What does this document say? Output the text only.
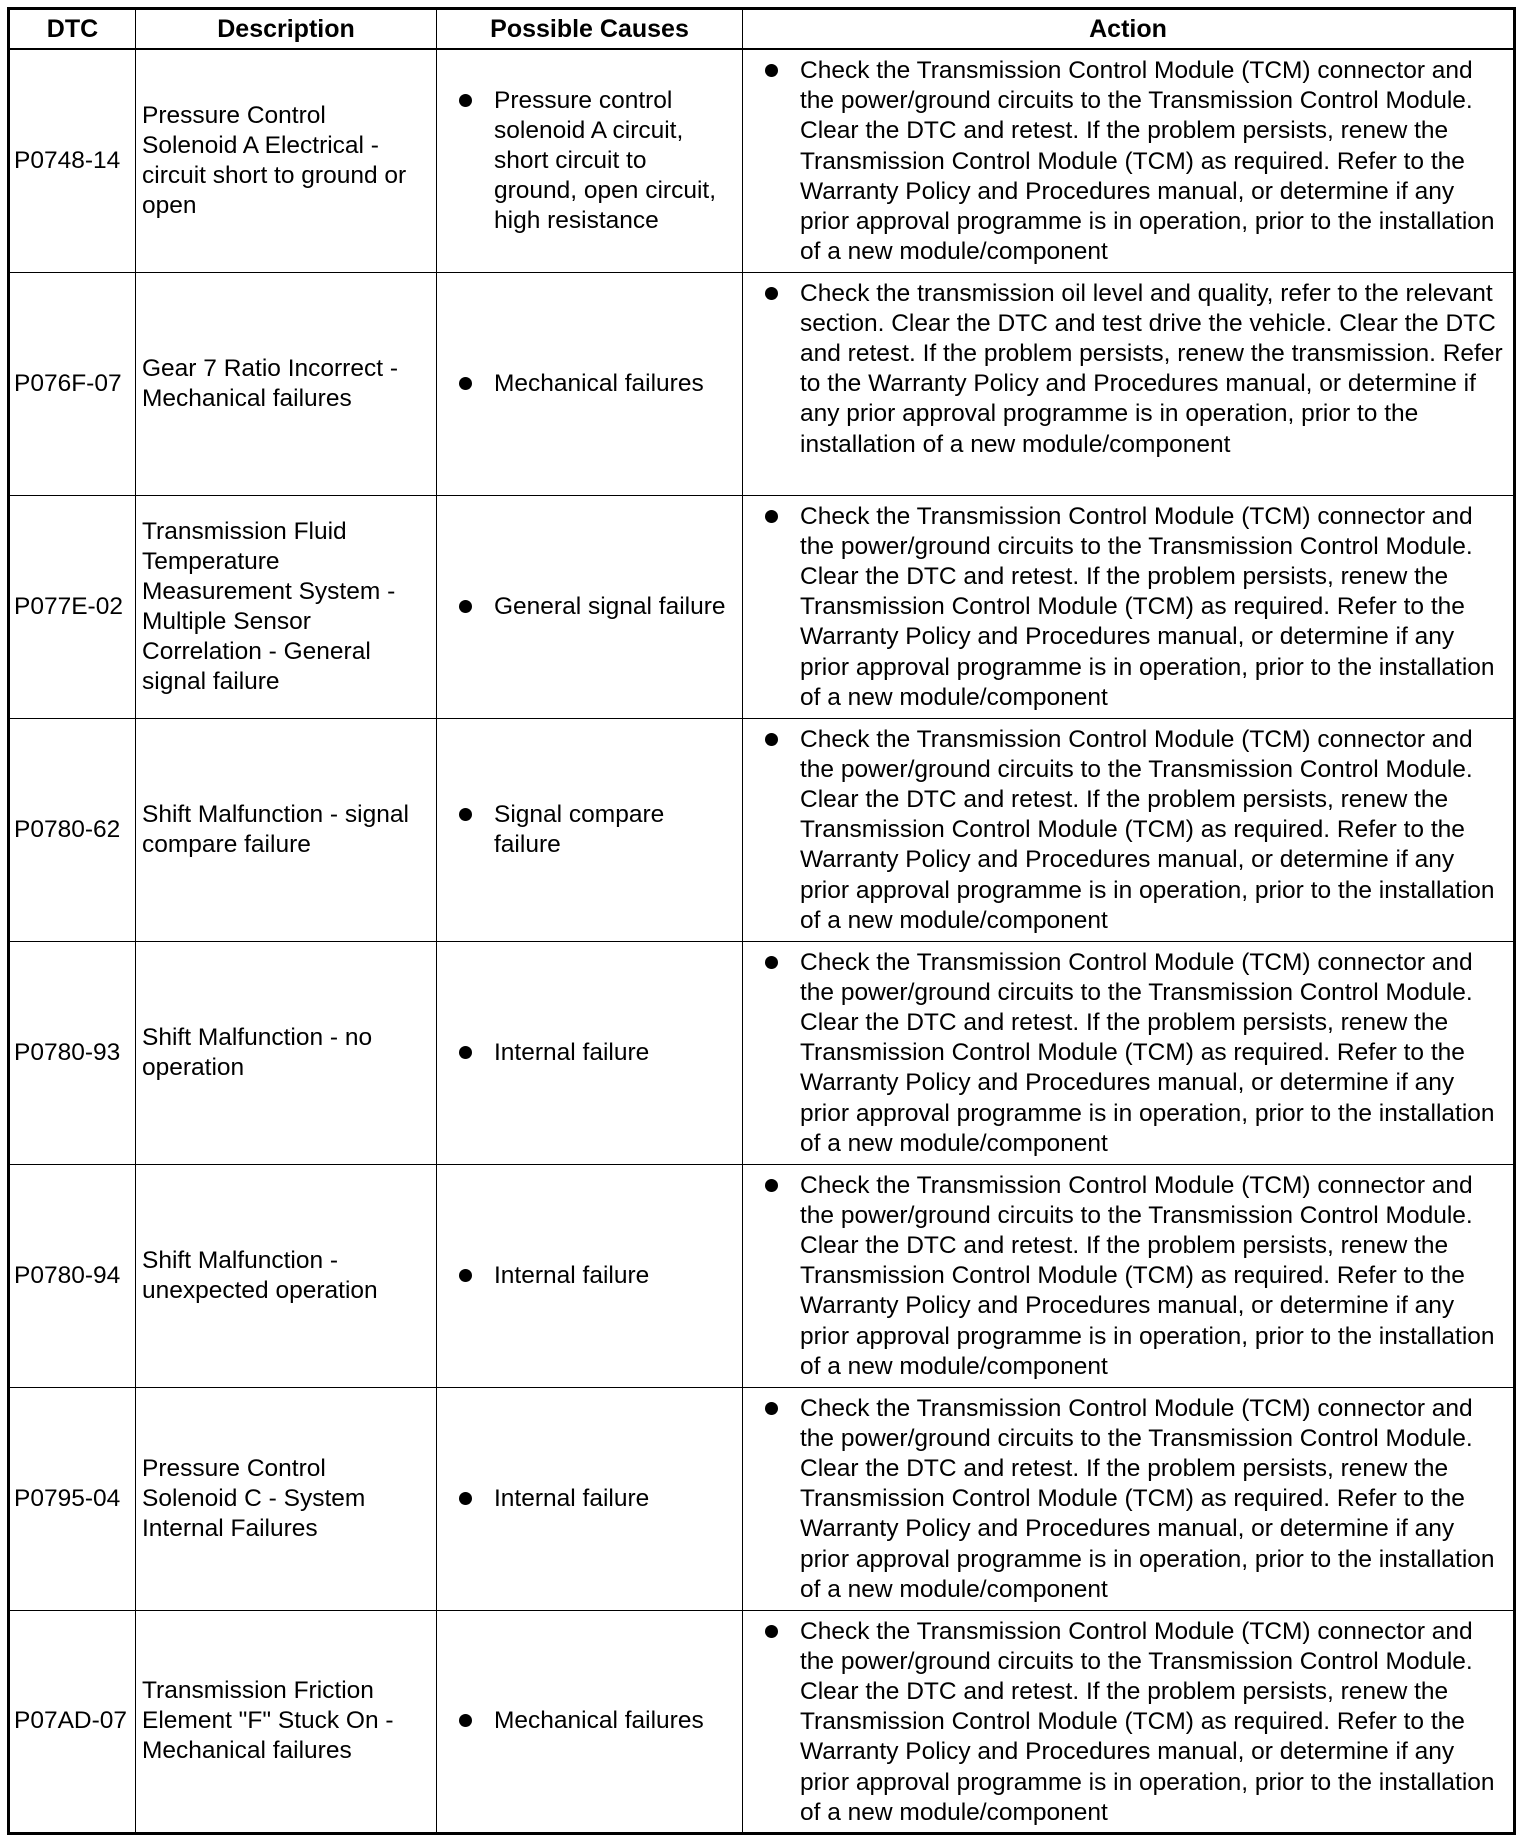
DTC	Description	Possible Causes	Action
P0748-14	Pressure Control Solenoid A Electrical - circuit short to ground or open	Pressure control solenoid A circuit, short circuit to ground, open circuit, high resistance	Check the Transmission Control Module (TCM) connector and the power/ground circuits to the Transmission Control Module. Clear the DTC and retest. If the problem persists, renew the Transmission Control Module (TCM) as required. Refer to the Warranty Policy and Procedures manual, or determine if any prior approval programme is in operation, prior to the installation of a new module/component

P076F-07	Gear 7 Ratio Incorrect - Mechanical failures	Mechanical failures	Check the transmission oil level and quality, refer to the relevant section. Clear the DTC and test drive the vehicle. Clear the DTC and retest. If the problem persists, renew the transmission. Refer to the Warranty Policy and Procedures manual, or determine if any prior approval programme is in operation, prior to the installation of a new module/component

P077E-02	Transmission Fluid Temperature Measurement System - Multiple Sensor Correlation - General signal failure	General signal failure	Check the Transmission Control Module (TCM) connector and the power/ground circuits to the Transmission Control Module. Clear the DTC and retest. If the problem persists, renew the Transmission Control Module (TCM) as required. Refer to the Warranty Policy and Procedures manual, or determine if any prior approval programme is in operation, prior to the installation of a new module/component

P0780-62	Shift Malfunction - signal compare failure	Signal compare failure	Check the Transmission Control Module (TCM) connector and the power/ground circuits to the Transmission Control Module. Clear the DTC and retest. If the problem persists, renew the Transmission Control Module (TCM) as required. Refer to the Warranty Policy and Procedures manual, or determine if any prior approval programme is in operation, prior to the installation of a new module/component

P0780-93	Shift Malfunction - no operation	Internal failure	Check the Transmission Control Module (TCM) connector and the power/ground circuits to the Transmission Control Module. Clear the DTC and retest. If the problem persists, renew the Transmission Control Module (TCM) as required. Refer to the Warranty Policy and Procedures manual, or determine if any prior approval programme is in operation, prior to the installation of a new module/component

P0780-94	Shift Malfunction - unexpected operation	Internal failure	Check the Transmission Control Module (TCM) connector and the power/ground circuits to the Transmission Control Module. Clear the DTC and retest. If the problem persists, renew the Transmission Control Module (TCM) as required. Refer to the Warranty Policy and Procedures manual, or determine if any prior approval programme is in operation, prior to the installation of a new module/component

P0795-04	Pressure Control Solenoid C - System Internal Failures	Internal failure	Check the Transmission Control Module (TCM) connector and the power/ground circuits to the Transmission Control Module. Clear the DTC and retest. If the problem persists, renew the Transmission Control Module (TCM) as required. Refer to the Warranty Policy and Procedures manual, or determine if any prior approval programme is in operation, prior to the installation of a new module/component

P07AD-07	Transmission Friction Element "F" Stuck On - Mechanical failures	Mechanical failures	Check the Transmission Control Module (TCM) connector and the power/ground circuits to the Transmission Control Module. Clear the DTC and retest. If the problem persists, renew the Transmission Control Module (TCM) as required. Refer to the Warranty Policy and Procedures manual, or determine if any prior approval programme is in operation, prior to the installation of a new module/component
